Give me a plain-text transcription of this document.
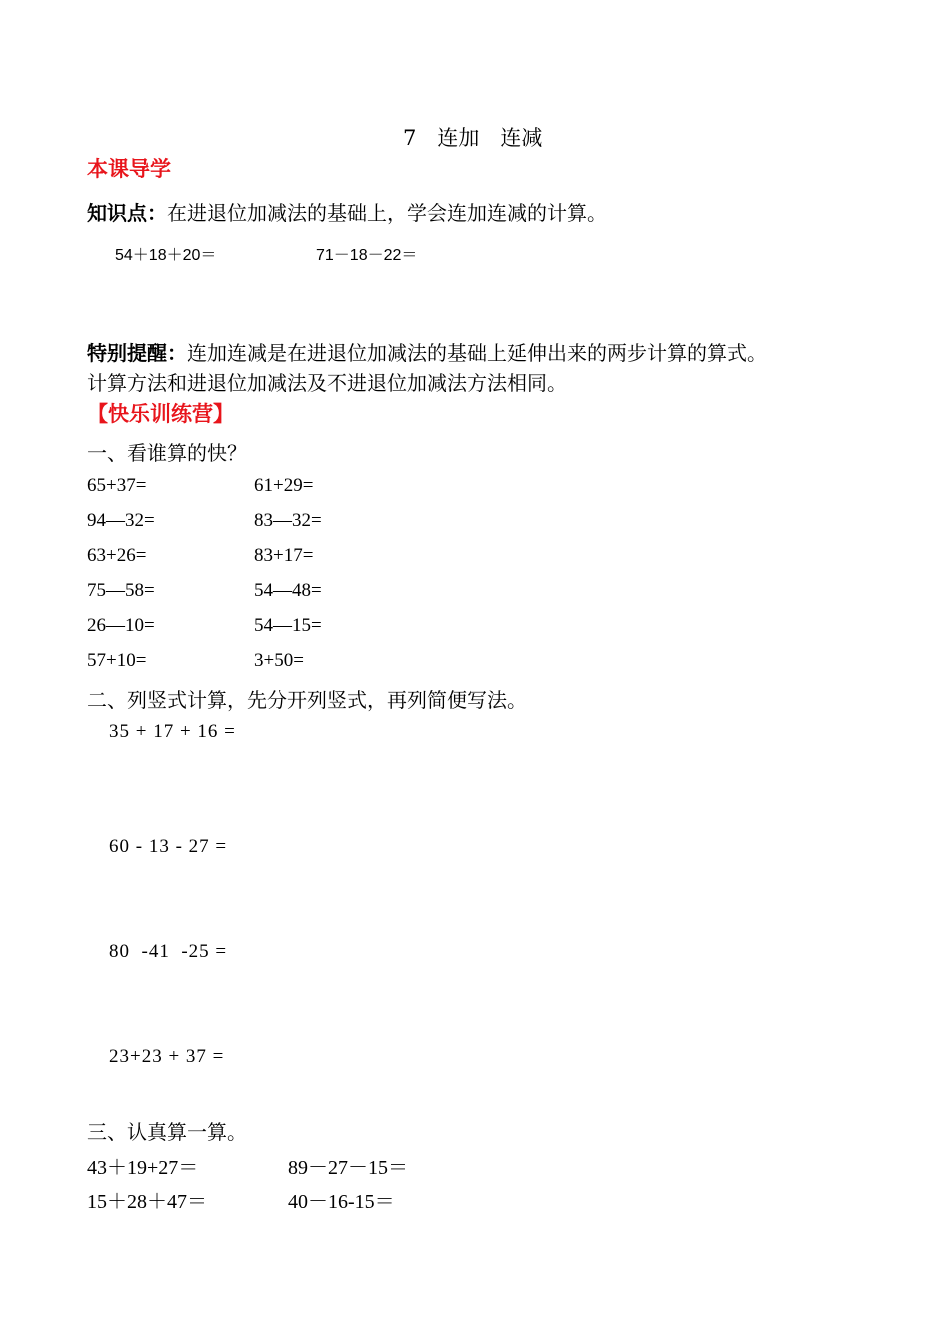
7　连加　连减
本课导学
知识点：在进退位加减法的基础上，学会连加连减的计算。
54＋18＋20＝	71－18－22＝
特别提醒：连加连减是在进退位加减法的基础上延伸出来的两步计算的算式。
计算方法和进退位加减法及不进退位加减法方法相同。
【快乐训练营】
一、看谁算的快？
65+37=
94—32=
63+26=
75—58=
26—10=
57+10=
61+29=
83—32=
83+17=
54—48=
54—15=
3+50=
二、列竖式计算，先分开列竖式，再列简便写法。
35 + 17 + 16 =
60 - 13 - 27 =
80  -41  -25 =
23+23 + 37 =
三、认真算一算。
43＋19+27＝
15＋28＋47＝
89－27－15＝
40－16-15＝
